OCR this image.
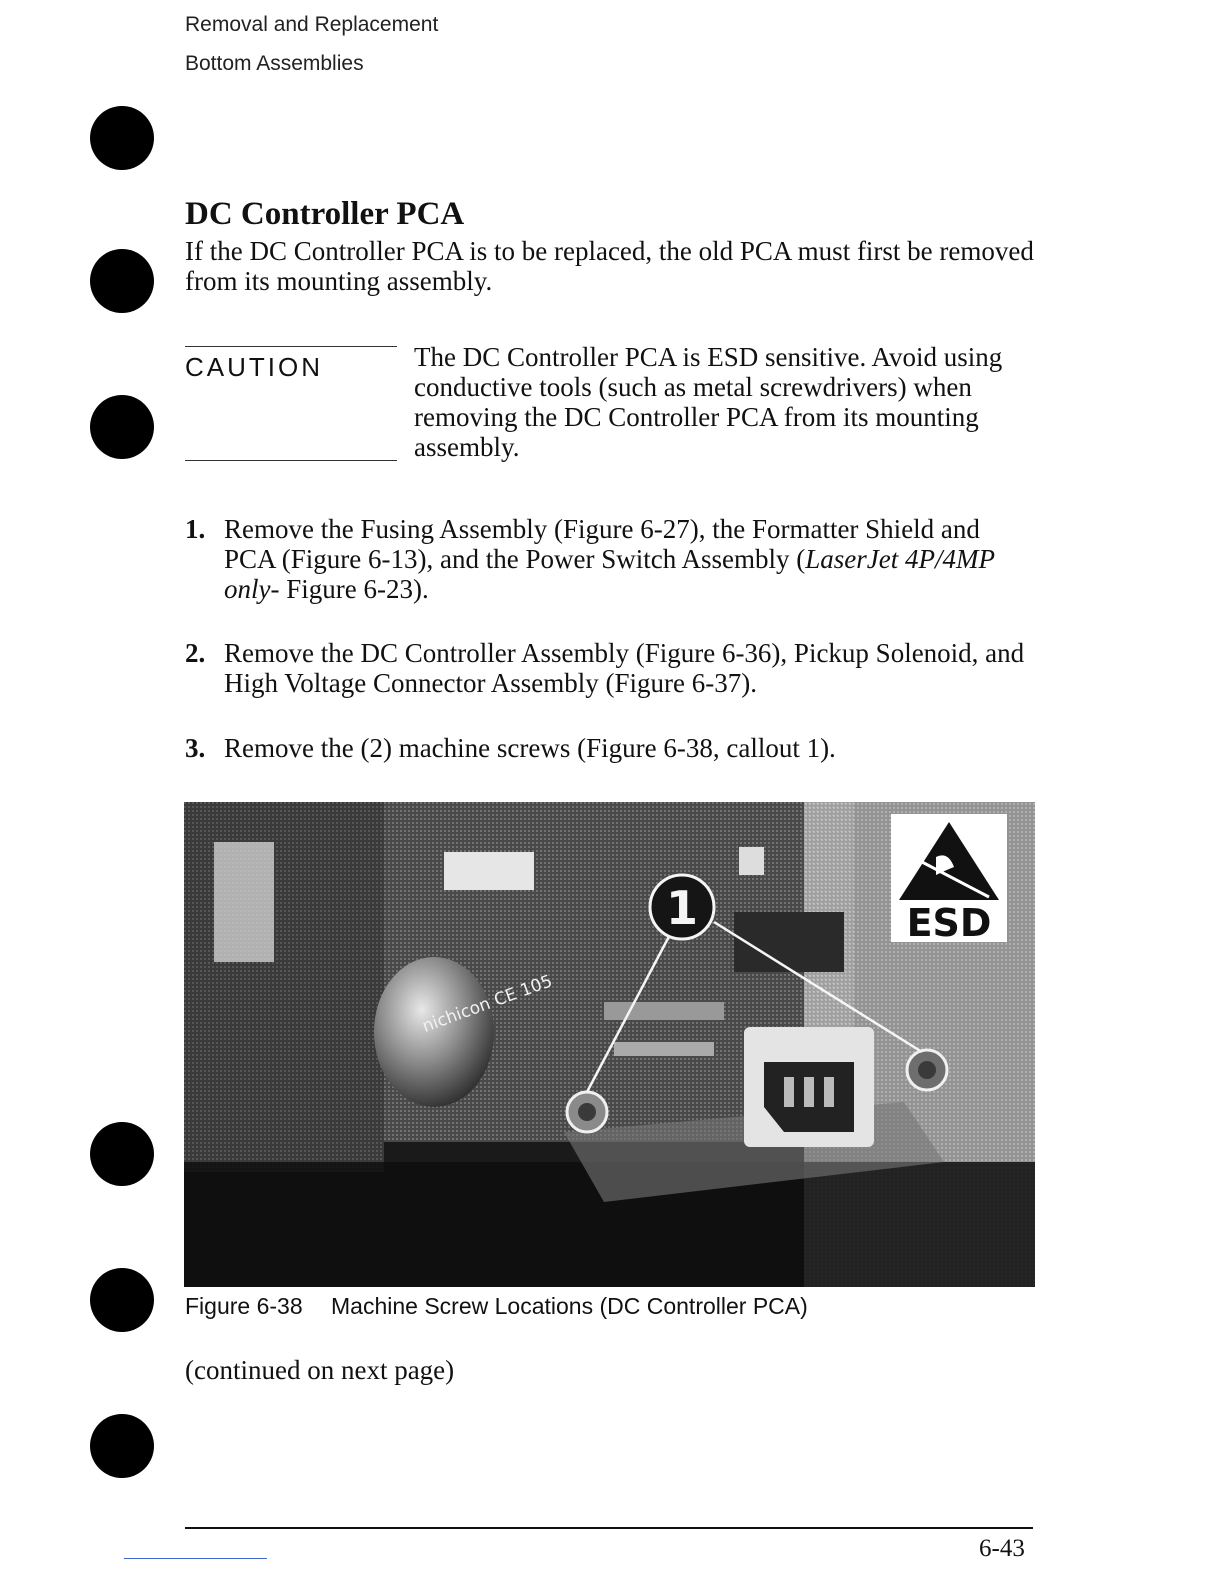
Removal and Replacement
Bottom Assemblies
DC Controller PCA

If the DC Controller PCA is to be replaced, the old PCA must first be removed from its mounting assembly.

CAUTION	The DC Controller PCA is ESD sensitive. Avoid using conductive tools (such as metal screwdrivers) when removing the DC Controller PCA from its mounting assembly.

1. Remove the Fusing Assembly (Figure 6-27), the Formatter Shield and PCA (Figure 6-13), and the Power Switch Assembly (LaserJet 4P/4MP only- Figure 6-23).
2. Remove the DC Controller Assembly (Figure 6-36), Pickup Solenoid, and High Voltage Connector Assembly (Figure 6-37).
3. Remove the (2) machine screws (Figure 6-38, callout 1).
nichicon CE 105
1	ESD
Figure 6-38 Machine Screw Locations (DC Controller PCA)
(continued on next page)
6-43
